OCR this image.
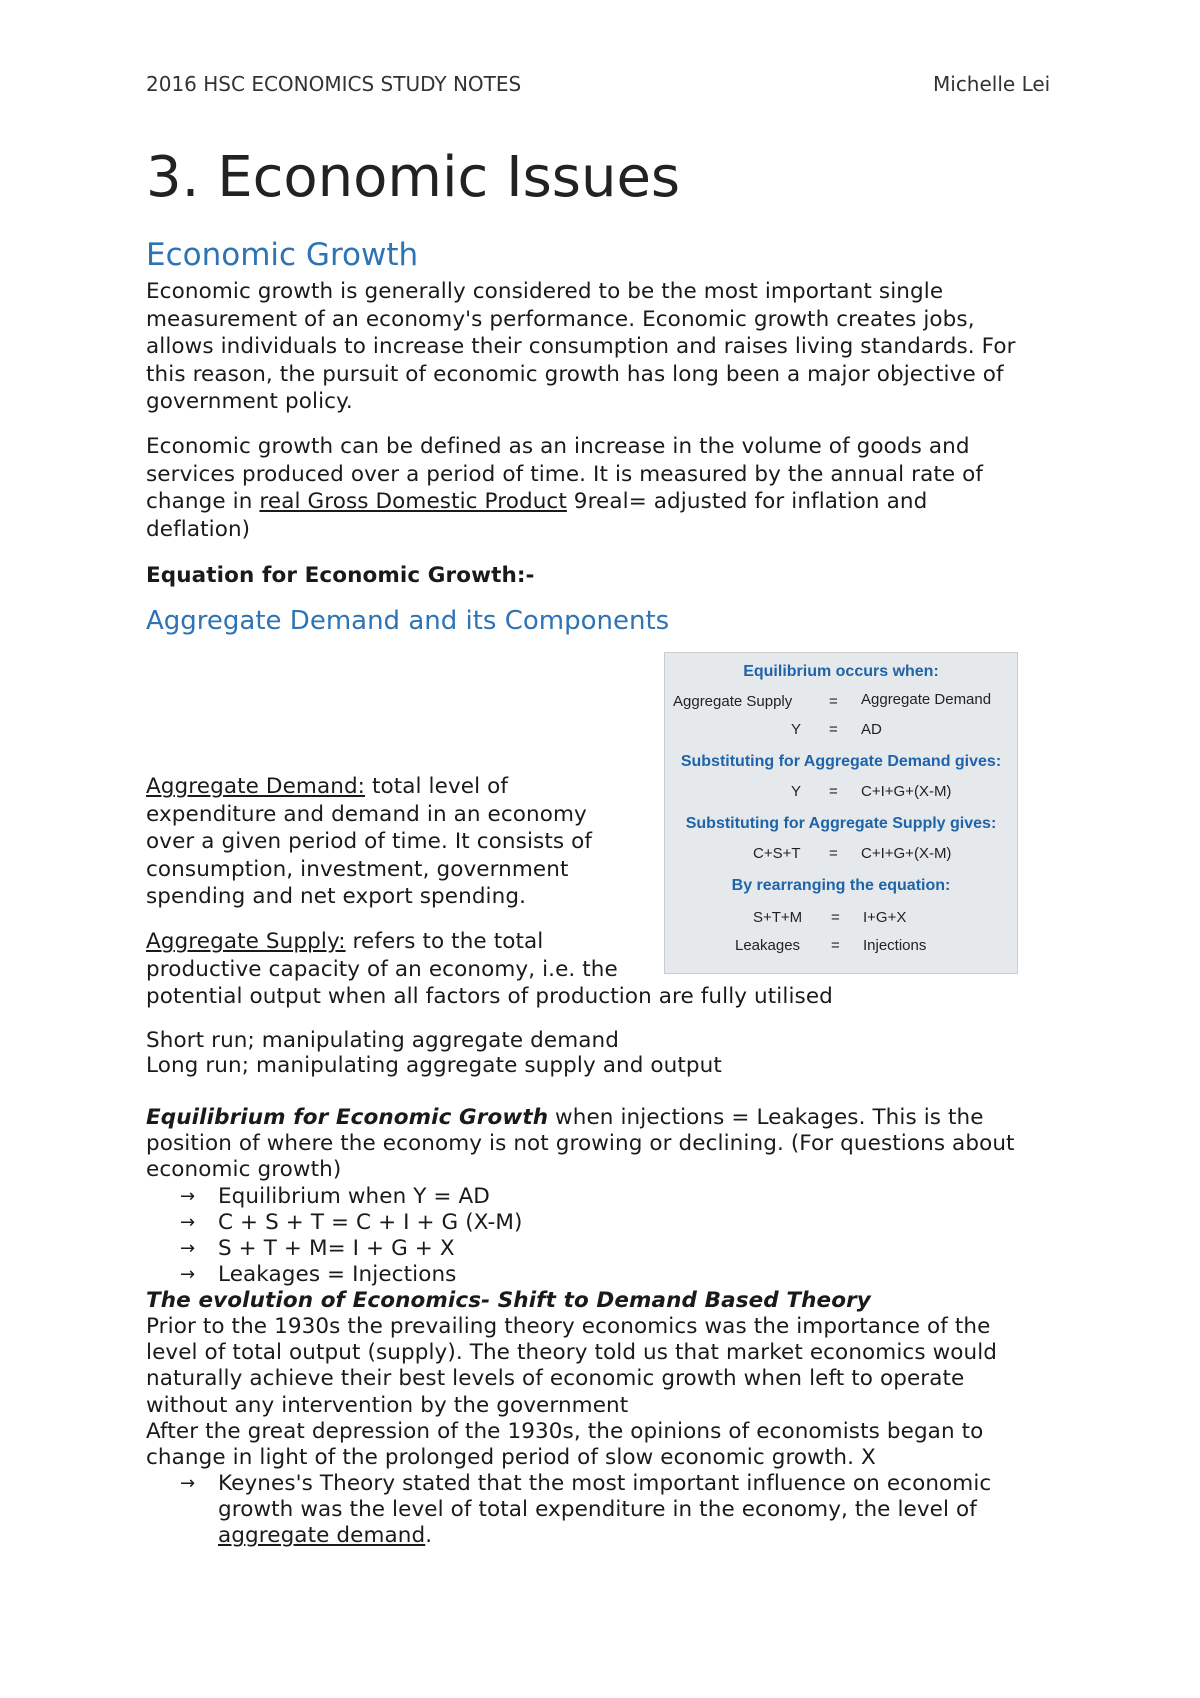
2016 HSC ECONOMICS STUDY NOTES	Michelle Lei
3. Economic Issues
Economic Growth
Economic growth is generally considered to be the most important single
measurement of an economy's performance. Economic growth creates jobs,
allows individuals to increase their consumption and raises living standards. For
this reason, the pursuit of economic growth has long been a major objective of
government policy.
Economic growth can be defined as an increase in the volume of goods and
services produced over a period of time. It is measured by the annual rate of
change in real Gross Domestic Product 9real= adjusted for inflation and
deflation)
Equation for Economic Growth:-
Aggregate Demand and its Components
Equilibrium occurs when:
Aggregate Supply = Aggregate Demand
Y = AD
Substituting for Aggregate Demand gives:
Y = C+I+G+(X-M)
Substituting for Aggregate Supply gives:
C+S+T = C+I+G+(X-M)
By rearranging the equation:
S+T+M = I+G+X
Leakages = Injections
Aggregate Demand: total level of
expenditure and demand in an economy
over a given period of time. It consists of
consumption, investment, government
spending and net export spending.
Aggregate Supply: refers to the total
productive capacity of an economy, i.e. the
potential output when all factors of production are fully utilised
Short run; manipulating aggregate demand
Long run; manipulating aggregate supply and output
Equilibrium for Economic Growth when injections = Leakages. This is the
position of where the economy is not growing or declining. (For questions about
economic growth)
→ Equilibrium when Y = AD
→ C + S + T = C + I + G (X-M)
→ S + T + M= I + G + X
→ Leakages = Injections
The evolution of Economics- Shift to Demand Based Theory
Prior to the 1930s the prevailing theory economics was the importance of the
level of total output (supply). The theory told us that market economics would
naturally achieve their best levels of economic growth when left to operate
without any intervention by the government
After the great depression of the 1930s, the opinions of economists began to
change in light of the prolonged period of slow economic growth. X
→ Keynes's Theory stated that the most important influence on economic
growth was the level of total expenditure in the economy, the level of
aggregate demand.
